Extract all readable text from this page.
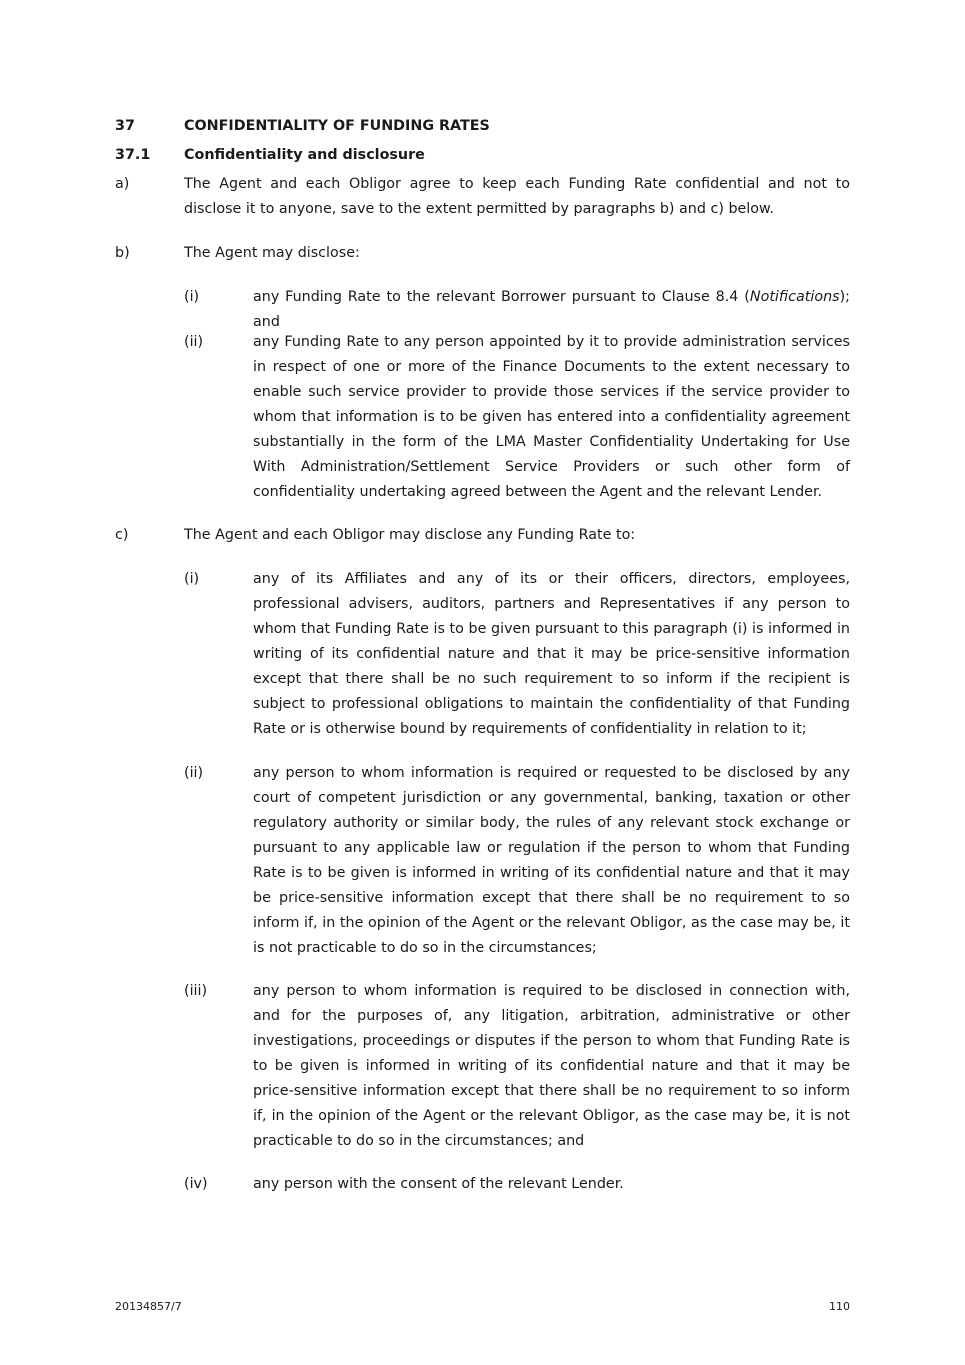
37	CONFIDENTIALITY OF FUNDING RATES
37.1 Confidentiality and disclosure
a)	The Agent and each Obligor agree to keep each Funding Rate confidential and not to disclose it to anyone, save to the extent permitted by paragraphs b) and c) below.
b)	The Agent may disclose:
(i)	any Funding Rate to the relevant Borrower pursuant to Clause 8.4 (Notifications); and
(ii)	any Funding Rate to any person appointed by it to provide administration services in respect of one or more of the Finance Documents to the extent necessary to enable such service provider to provide those services if the service provider to whom that information is to be given has entered into a confidentiality agreement substantially in the form of the LMA Master Confidentiality Undertaking for Use With Administration/Settlement Service Providers or such other form of confidentiality undertaking agreed between the Agent and the relevant Lender.
c)	The Agent and each Obligor may disclose any Funding Rate to:
(i)	any of its Affiliates and any of its or their officers, directors, employees, professional advisers, auditors, partners and Representatives if any person to whom that Funding Rate is to be given pursuant to this paragraph (i) is informed in writing of its confidential nature and that it may be price-sensitive information except that there shall be no such requirement to so inform if the recipient is subject to professional obligations to maintain the confidentiality of that Funding Rate or is otherwise bound by requirements of confidentiality in relation to it;
(ii)	any person to whom information is required or requested to be disclosed by any court of competent jurisdiction or any governmental, banking, taxation or other regulatory authority or similar body, the rules of any relevant stock exchange or pursuant to any applicable law or regulation if the person to whom that Funding Rate is to be given is informed in writing of its confidential nature and that it may be price-sensitive information except that there shall be no requirement to so inform if, in the opinion of the Agent or the relevant Obligor, as the case may be, it is not practicable to do so in the circumstances;
(iii)	any person to whom information is required to be disclosed in connection with, and for the purposes of, any litigation, arbitration, administrative or other investigations, proceedings or disputes if the person to whom that Funding Rate is to be given is informed in writing of its confidential nature and that it may be price-sensitive information except that there shall be no requirement to so inform if, in the opinion of the Agent or the relevant Obligor, as the case may be, it is not practicable to do so in the circumstances; and
(iv)	any person with the consent of the relevant Lender.
20134857/7	110
